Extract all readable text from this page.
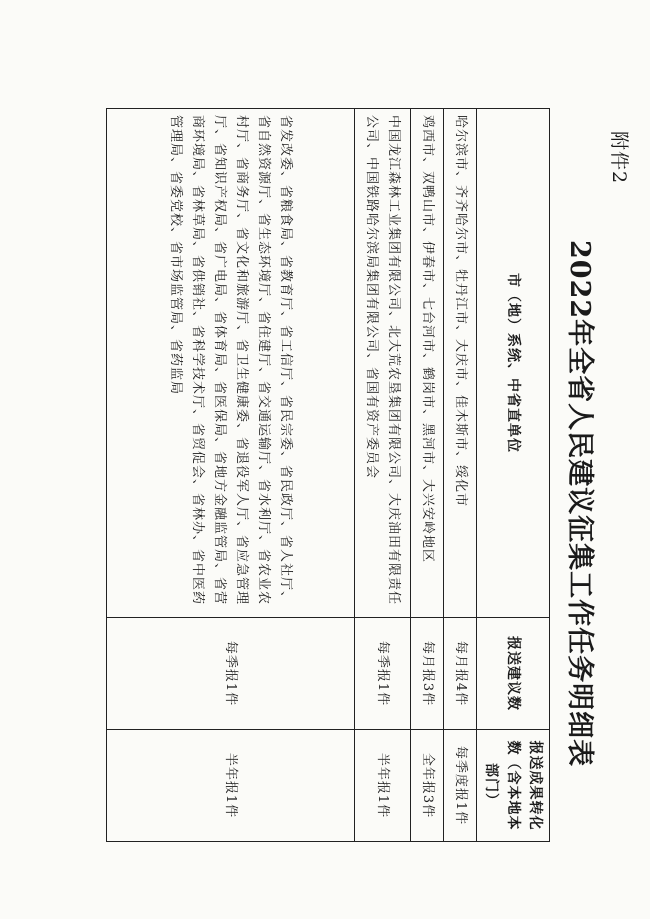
附件2
2022年全省人民建议征集工作任务明细表
市（地）系统、中省直单位	报送建议数	报送成果转化数（含本地本部门）
哈尔滨市、齐齐哈尔市、牡丹江市、大庆市、佳木斯市、绥化市	每月报4件	每季度报1件
鸡西市、双鸭山市、伊春市、七台河市、鹤岗市、黑河市、大兴安岭地区	每月报3件	全年报3件
中国龙江森林工业集团有限公司、北大荒农垦集团有限公司、大庆油田有限责任公司、中国铁路哈尔滨局集团有限公司、省国有资产委员会	每季报1件	半年报1件
省发改委、省粮食局、省教育厅、省工信厅、省民宗委、省民政厅、省人社厅、省自然资源厅、省生态环境厅、省住建厅、省交通运输厅、省水利厅、省农业农村厅、省商务厅、省文化和旅游厅、省卫生健康委、省退役军人厅、省应急管理厅、省知识产权局、省广电局、省体育局、省医保局、省地方金融监管局、省营商环境局、省林草局、省供销社、省科学技术厅、省贸促会、省林办、省中医药管理局、省委党校、省市场监管局、省药监局	每季报1件	半年报1件
